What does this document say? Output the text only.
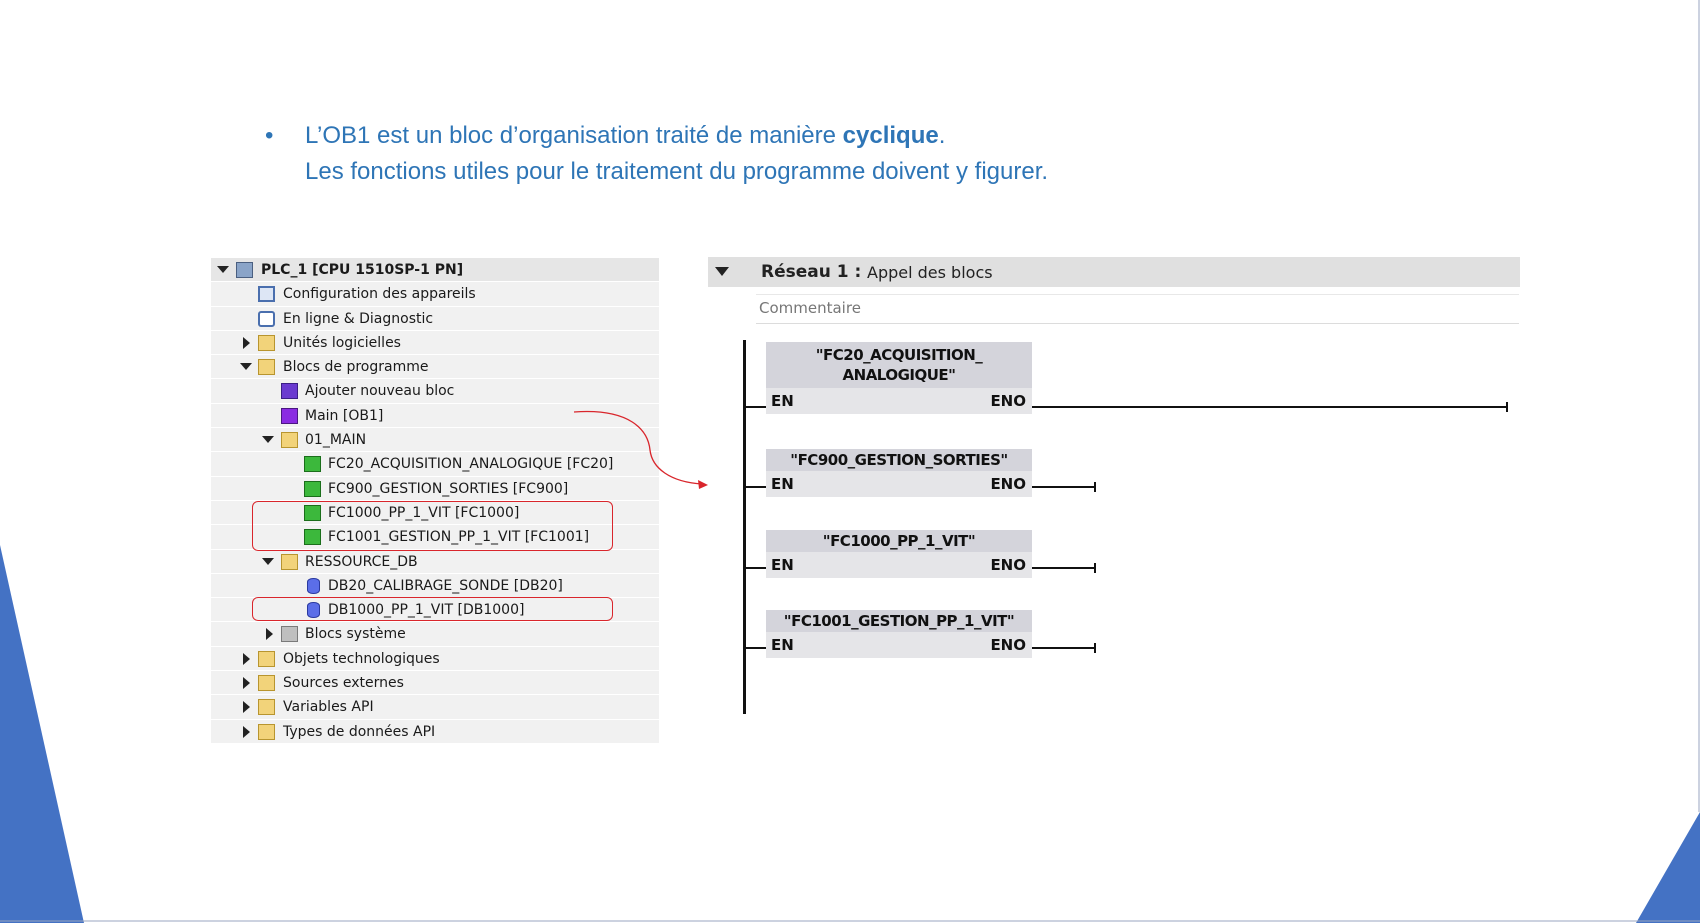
• L’OB1 est un bloc d’organisation traité de manière cyclique.
Les fonctions utiles pour le traitement du programme doivent y figurer.
PLC_1 [CPU 1510SP-1 PN]
Configuration des appareils
En ligne & Diagnostic
Unités logicielles
Blocs de programme
Ajouter nouveau bloc
Main [OB1]
01_MAIN
FC20_ACQUISITION_ANALOGIQUE [FC20]
FC900_GESTION_SORTIES [FC900]
FC1000_PP_1_VIT [FC1000]
FC1001_GESTION_PP_1_VIT [FC1001]
RESSOURCE_DB
DB20_CALIBRAGE_SONDE [DB20]
DB1000_PP_1_VIT [DB1000]
Blocs système
Objets technologiques
Sources externes
Variables API
Types de données API
Réseau 1 : Appel des blocs
Commentaire
"FC20_ACQUISITION_
ANALOGIQUE"
EN	ENO
"FC900_GESTION_SORTIES"
EN	ENO
"FC1000_PP_1_VIT"
EN	ENO
"FC1001_GESTION_PP_1_VIT"
EN	ENO
